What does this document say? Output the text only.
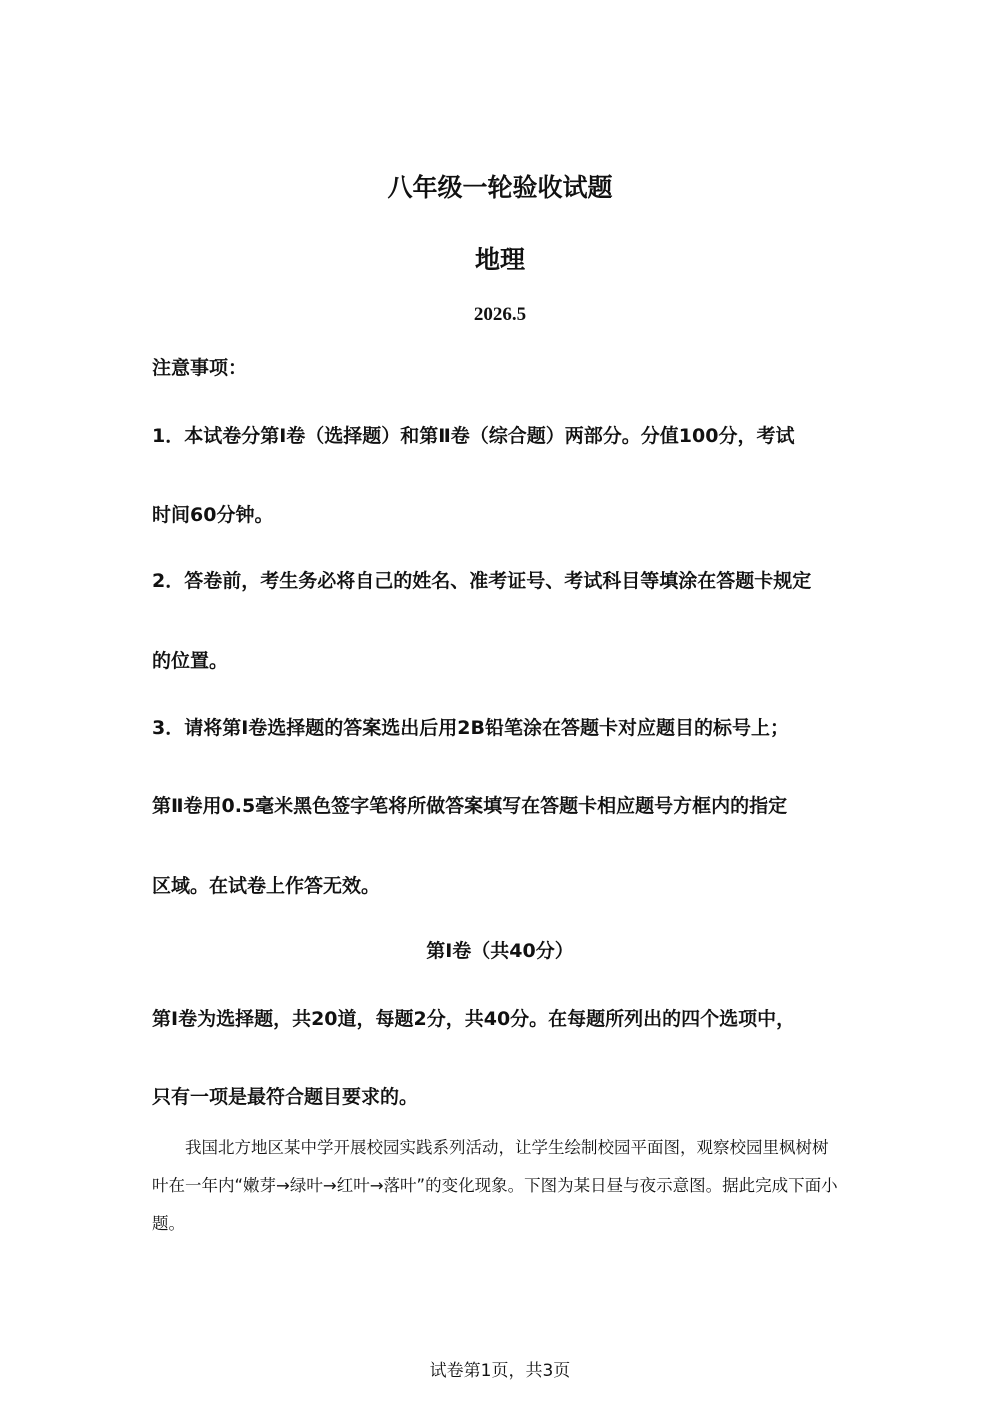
八年级一轮验收试题
地理
2026.5
注意事项：
1．本试卷分第Ⅰ卷（选择题）和第Ⅱ卷（综合题）两部分。分值100分，考试
时间60分钟。
2．答卷前，考生务必将自己的姓名、准考证号、考试科目等填涂在答题卡规定
的位置。
3．请将第Ⅰ卷选择题的答案选出后用2B铅笔涂在答题卡对应题目的标号上；
第Ⅱ卷用0.5毫米黑色签字笔将所做答案填写在答题卡相应题号方框内的指定
区域。在试卷上作答无效。
第Ⅰ卷（共40分）
第Ⅰ卷为选择题，共20道，每题2分，共40分。在每题所列出的四个选项中，
只有一项是最符合题目要求的。
我国北方地区某中学开展校园实践系列活动，让学生绘制校园平面图，观察校园里枫树树叶在一年内“嫩芽→绿叶→红叶→落叶”的变化现象。下图为某日昼与夜示意图。据此完成下面小题。
试卷第1页，共3页
